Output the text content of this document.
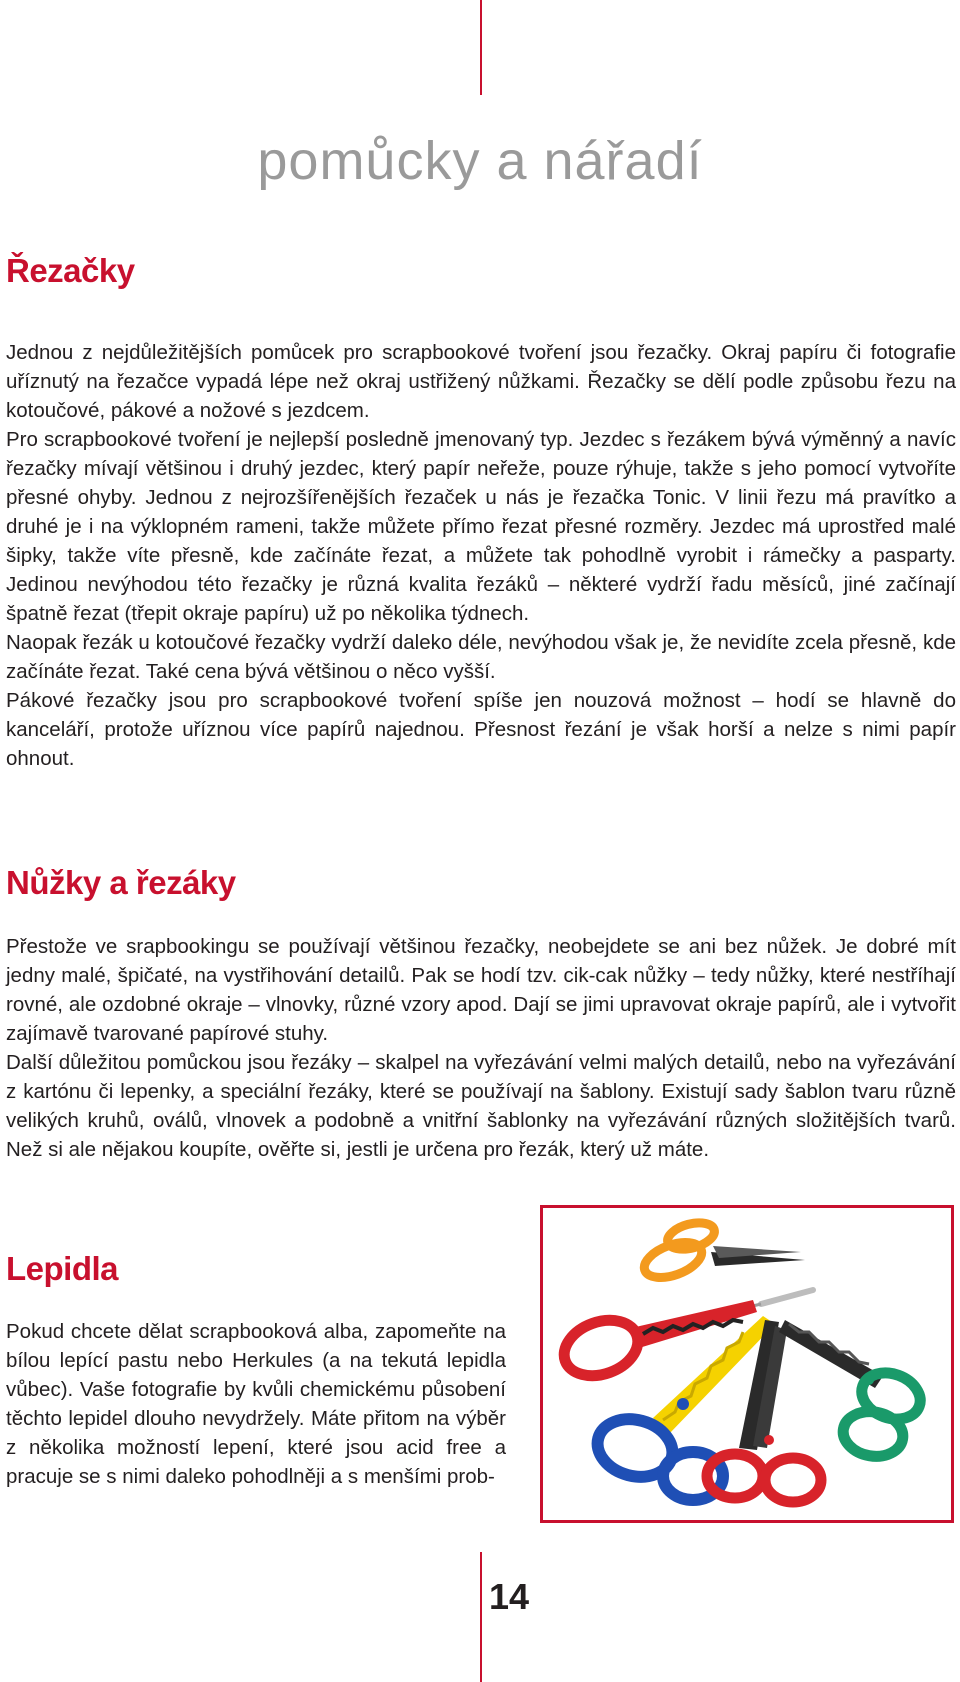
pomůcky a nářadí
Řezačky

Jednou z nejdůležitějších pomůcek pro scrapbookové tvoření jsou řezačky. Okraj papíru či fotografie uříznutý na řezačce vypadá lépe než okraj ustřižený nůžkami. Řezačky se dělí podle způsobu řezu na kotoučové, pákové a nožové s jezdcem.

Pro scrapbookové tvoření je nejlepší posledně jmenovaný typ. Jezdec s řezákem bývá výměnný a navíc řezačky mívají většinou i druhý jezdec, který papír neřeže, pouze rýhuje, takže s jeho pomocí vytvoříte přesné ohyby. Jednou z nejrozšířenějších řezaček u nás je řezačka Tonic. V linii řezu má pravítko a druhé je i na výklopném rameni, takže můžete přímo řezat přesné rozměry. Jezdec má uprostřed malé šipky, takže víte přesně, kde začínáte řezat, a můžete tak pohodlně vyrobit i rámečky a pasparty. Jedinou nevýhodou této řezačky je různá kvalita řezáků – některé vydrží řadu měsíců, jiné začínají špatně řezat (třepit okraje papíru) už po několika týdnech.

Naopak řezák u kotoučové řezačky vydrží daleko déle, nevýhodou však je, že nevidíte zcela přesně, kde začínáte řezat. Také cena bývá většinou o něco vyšší.

Pákové řezačky jsou pro scrapbookové tvoření spíše jen nouzová možnost – hodí se hlavně do kanceláří, protože uříznou více papírů najednou. Přesnost řezání je však horší a nelze s nimi papír ohnout.

Nůžky a řezáky

Přestože ve srapbookingu se používají většinou řezačky, neobejdete se ani bez nůžek. Je dobré mít jedny malé, špičaté, na vystřihování detailů. Pak se hodí tzv. cik-cak nůžky – tedy nůžky, které nestříhají rovné, ale ozdobné okraje – vlnovky, různé vzory apod. Dají se jimi upravovat okraje papírů, ale i vytvořit zajímavě tvarované papírové stuhy.

Další důležitou pomůckou jsou řezáky – skalpel na vyřezávání velmi malých detailů, nebo na vyřezávání z kartónu či lepenky, a speciální řezáky, které se používají na šablony. Existují sady šablon tvaru různě velikých kruhů, oválů, vlnovek a podobně a vnitřní šablonky na vyřezávání různých složitějších tvarů. Než si ale nějakou koupíte, ověřte si, jestli je určena pro řezák, který už máte.

Lepidla

Pokud chcete dělat scrapbooková alba, zapomeňte na bílou lepící pastu nebo Herkules (a na tekutá lepidla vůbec). Vaše fotografie by kvůli chemickému působení těchto lepidel dlouho nevydržely. Máte přitom na výběr z několika možností lepení, které jsou acid free a pracuje se s nimi daleko pohodlněji a s menšími prob-

14
